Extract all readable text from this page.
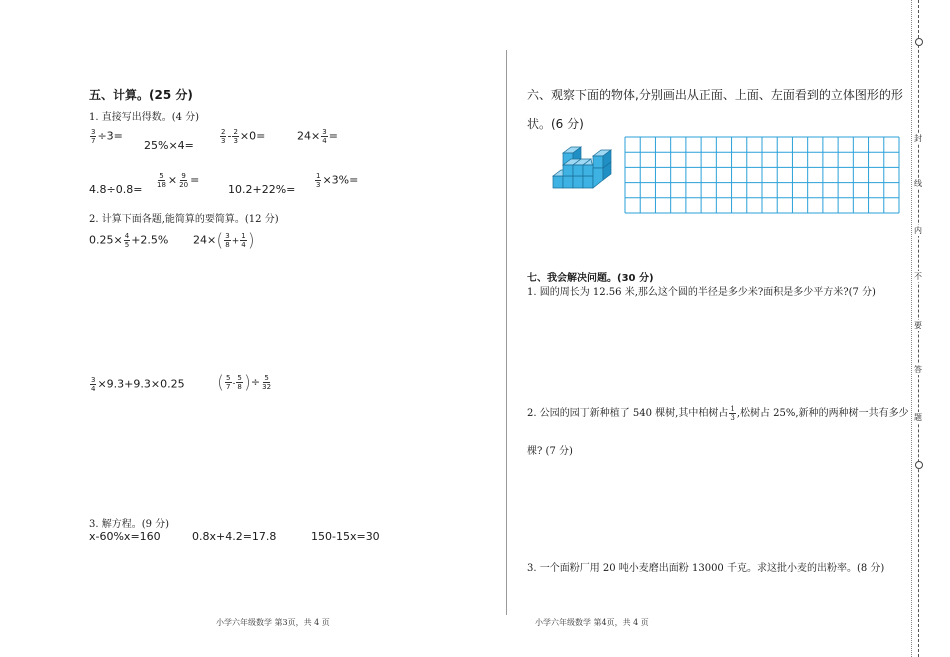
五、计算。(25 分)
1. 直接写出得数。(4 分)
$\frac{3}{7} \div 3=$
25%×4=
$\frac{2}{3} - \frac{2}{3} \times 0=$	$24\times \frac{3}{4}$ =
4.8÷0.8=
$\frac{5}{18} \times \frac{9}{20}$ =
10.2+22%=
$\frac{1}{3} \times 3\%=$
2. 计算下面各题,能简算的要简算。(12 分)
$0.25\times \frac{4}{5} +2.5\%$ $24\times( \frac{3}{8} + \frac{1}{4}$ )
$\frac{3}{4} \times 9.3+9.3\times 0.25$ ( $\frac{5}{7} - \frac{5}{8}$ )÷ $\frac{5}{32}$
3. 解方程。(9 分)
x-60%x=160	0.8x+4.2=17.8	150-15x=30
小学六年级数学 第3页，共 4 页
六、观察下面的物体,分别画出从正面、上面、左面看到的立体图形的形
状。(6 分)
七、我会解决问题。(30 分)
1. 圆的周长为 12.56 米,那么这个圆的半径是多少米?面积是多少平方米?(7 分)
2. 公园的园丁新种植了 540 棵树,其中柏树占 $\frac{1}{3}$ ,松树占 25%,新种的两种树一共有多少
棵? (7 分)
3. 一个面粉厂用 20 吨小麦磨出面粉 13000 千克。求这批小麦的出粉率。(8 分)
小学六年级数学 第4页，共 4 页
封
线
内
不
要
答
题
